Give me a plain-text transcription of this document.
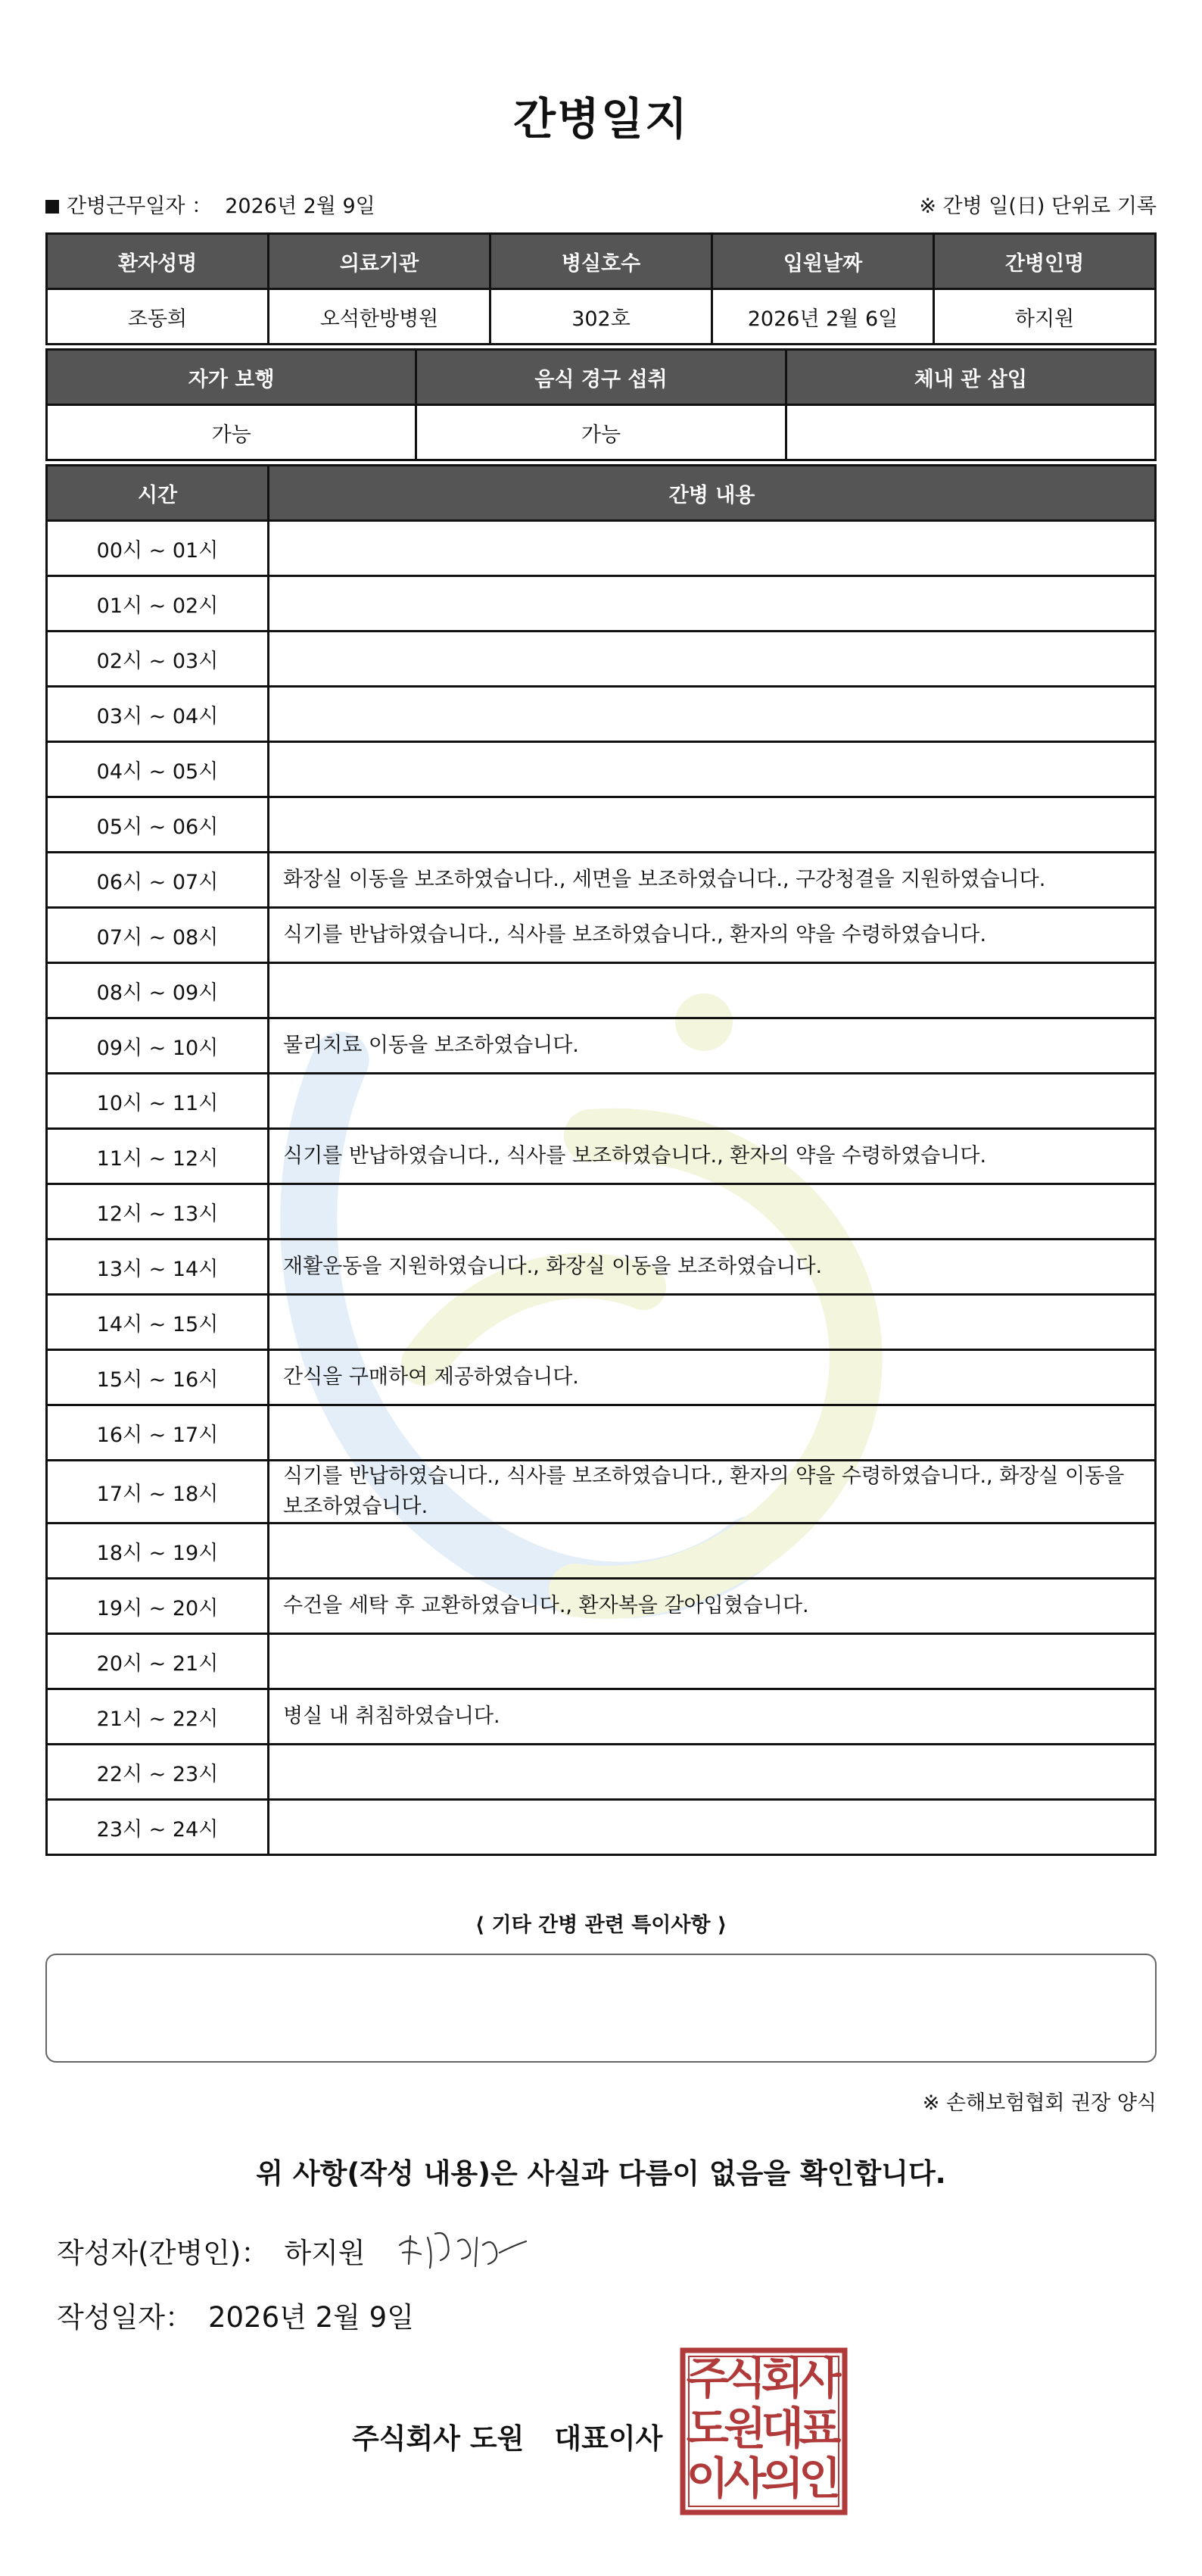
간병일지
간병근무일자 ： 2026년 2월 9일	※ 간병 일(日) 단위로 기록
환자성명	의료기관	병실호수	입원날짜	간병인명
조동희	오석한방병원	302호	2026년 2월 6일	하지원
자가 보행	음식 경구 섭취	체내 관 삽입
가능	가능	
시간	간병 내용
00시 ~ 01시	
01시 ~ 02시	
02시 ~ 03시	
03시 ~ 04시	
04시 ~ 05시	
05시 ~ 06시	
06시 ~ 07시	화장실 이동을 보조하였습니다., 세면을 보조하였습니다., 구강청결을 지원하였습니다.
07시 ~ 08시	식기를 반납하였습니다., 식사를 보조하였습니다., 환자의 약을 수령하였습니다.
08시 ~ 09시	
09시 ~ 10시	물리치료 이동을 보조하였습니다.
10시 ~ 11시	
11시 ~ 12시	식기를 반납하였습니다., 식사를 보조하였습니다., 환자의 약을 수령하였습니다.
12시 ~ 13시	
13시 ~ 14시	재활운동을 지원하였습니다., 화장실 이동을 보조하였습니다.
14시 ~ 15시	
15시 ~ 16시	간식을 구매하여 제공하였습니다.
16시 ~ 17시	
17시 ~ 18시	식기를 반납하였습니다., 식사를 보조하였습니다., 환자의 약을 수령하였습니다., 화장실 이동을 보조하였습니다.
18시 ~ 19시	
19시 ~ 20시	수건을 세탁 후 교환하였습니다., 환자복을 갈아입혔습니다.
20시 ~ 21시	
21시 ~ 22시	병실 내 취침하였습니다.
22시 ~ 23시	
23시 ~ 24시	
⟨ 기타 간병 관련 특이사항 ⟩
※ 손해보험협회 권장 양식
위 사항(작성 내용)은 사실과 다름이 없음을 확인합니다.
작성자(간병인)： 하지원
작성일자： 2026년 2월 9일
주식회사 도원 대표이사
주
식
회
사
도
원
대
표
이
사
의
인
